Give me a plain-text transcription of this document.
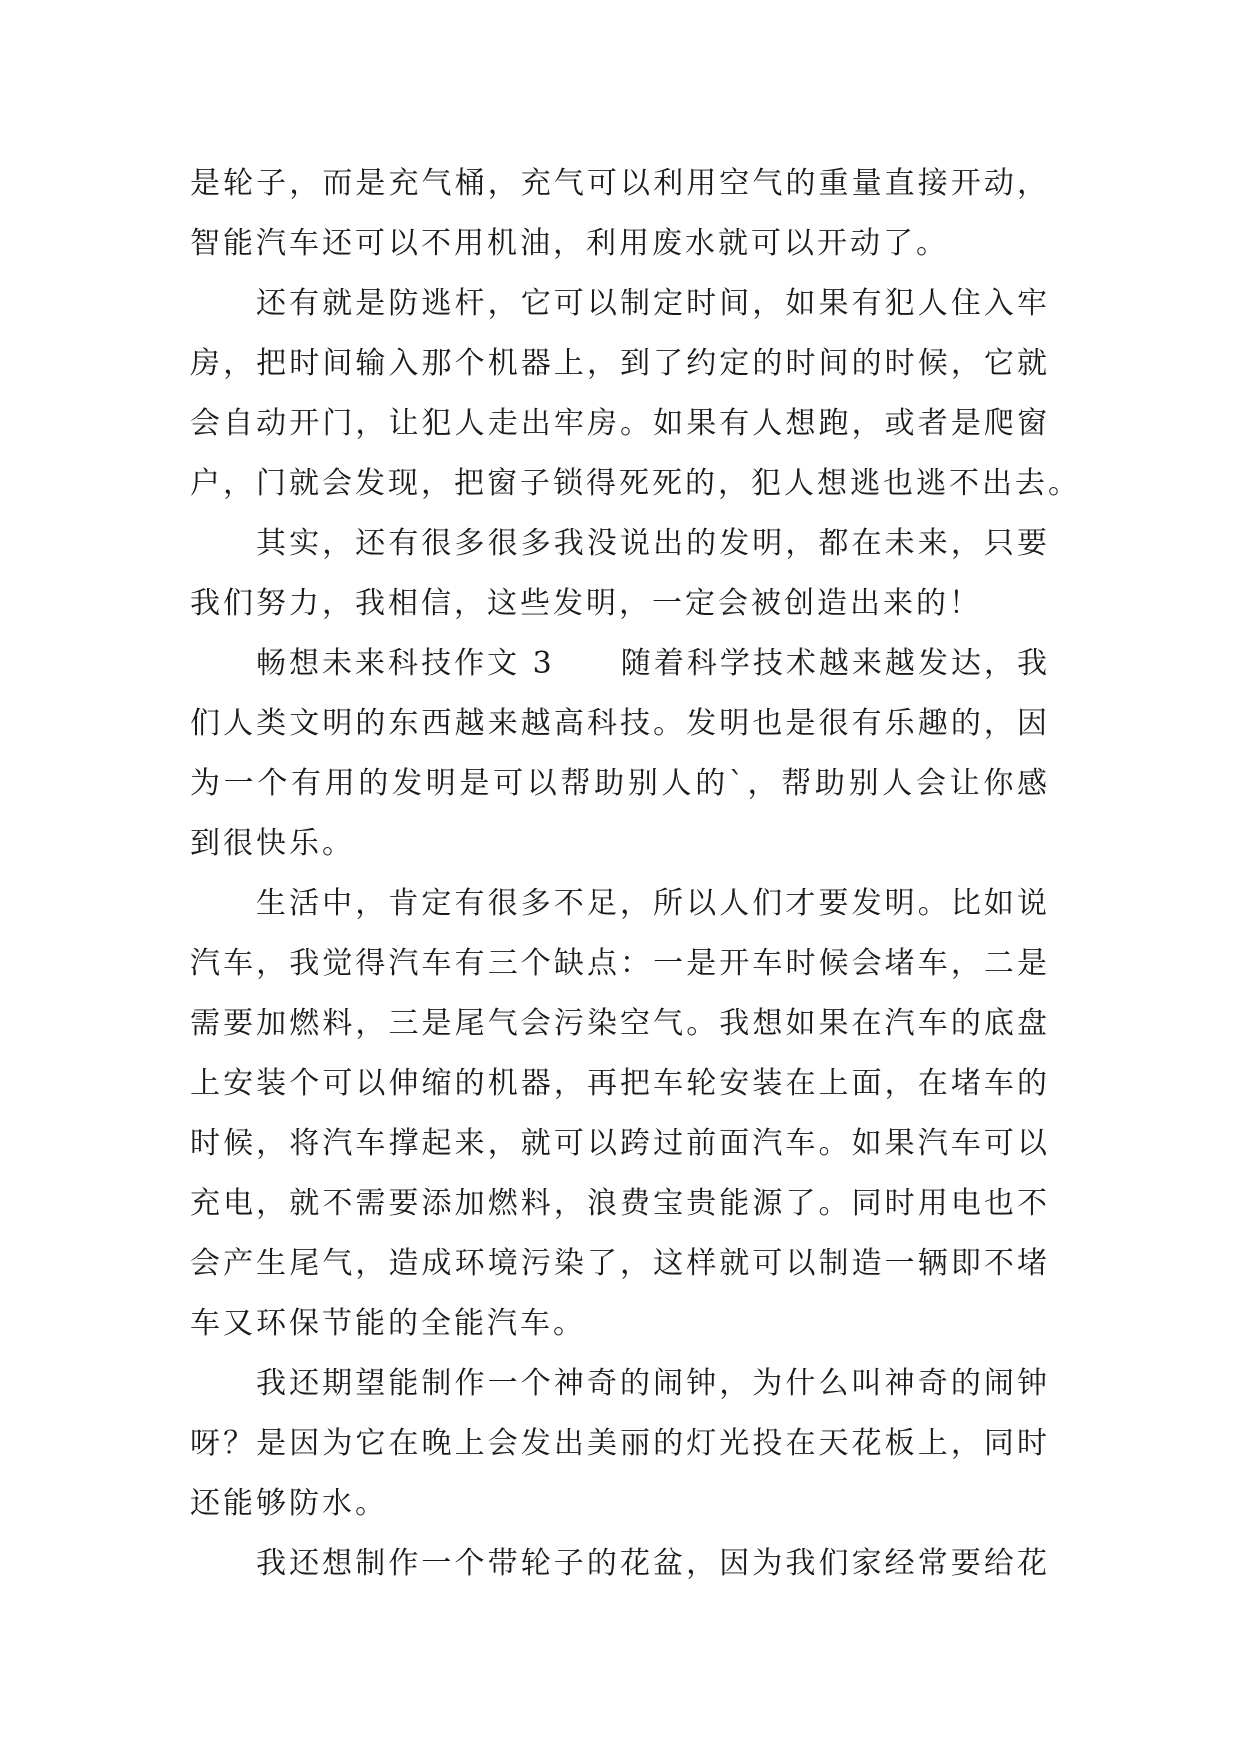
是轮子，而是充气桶，充气可以利用空气的重量直接开动，
智能汽车还可以不用机油，利用废水就可以开动了。
还有就是防逃杆，它可以制定时间，如果有犯人住入牢
房，把时间输入那个机器上，到了约定的时间的时候，它就
会自动开门，让犯人走出牢房。如果有人想跑，或者是爬窗
户，门就会发现，把窗子锁得死死的，犯人想逃也逃不出去。
其实，还有很多很多我没说出的发明，都在未来，只要
我们努力，我相信，这些发明，一定会被创造出来的！
畅想未来科技作文 3　　随着科学技术越来越发达，我
们人类文明的东西越来越高科技。发明也是很有乐趣的，因
为一个有用的发明是可以帮助别人的`，帮助别人会让你感
到很快乐。
生活中，肯定有很多不足，所以人们才要发明。比如说
汽车，我觉得汽车有三个缺点：一是开车时候会堵车，二是
需要加燃料，三是尾气会污染空气。我想如果在汽车的底盘
上安装个可以伸缩的机器，再把车轮安装在上面，在堵车的
时候，将汽车撑起来，就可以跨过前面汽车。如果汽车可以
充电，就不需要添加燃料，浪费宝贵能源了。同时用电也不
会产生尾气，造成环境污染了，这样就可以制造一辆即不堵
车又环保节能的全能汽车。
我还期望能制作一个神奇的闹钟，为什么叫神奇的闹钟
呀？是因为它在晚上会发出美丽的灯光投在天花板上，同时
还能够防水。
我还想制作一个带轮子的花盆，因为我们家经常要给花
